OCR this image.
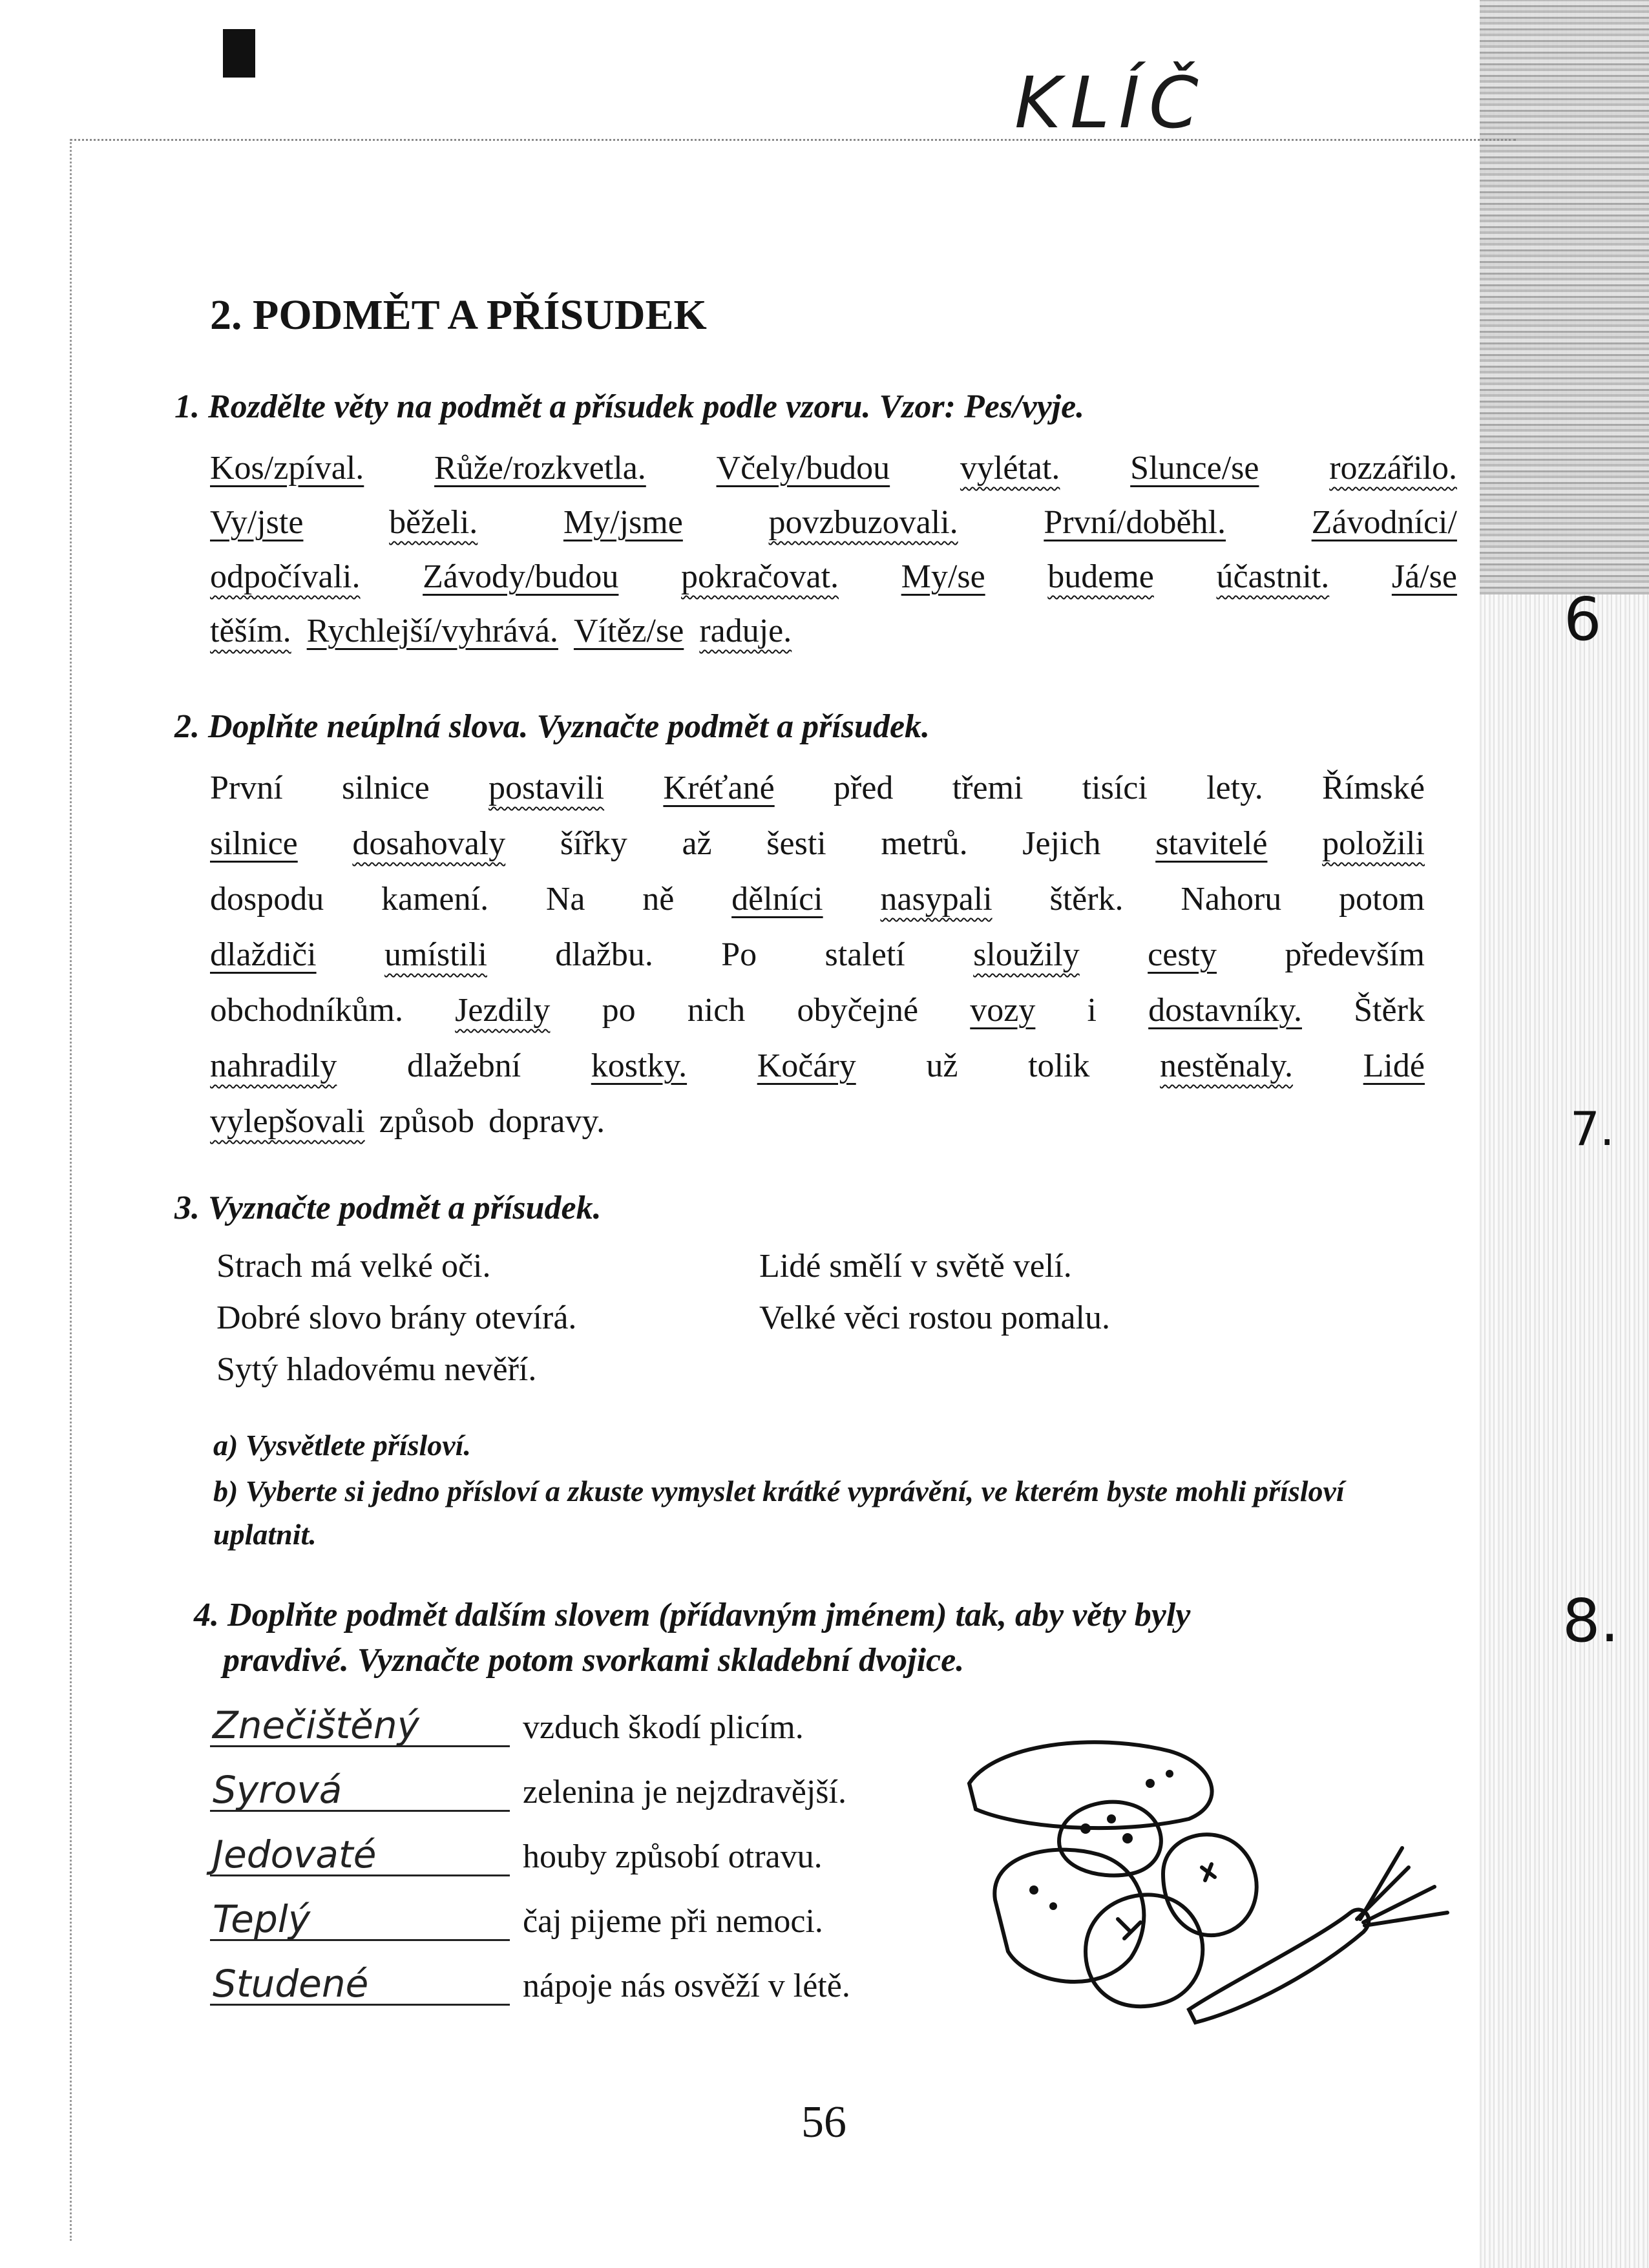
KLÍČ
6
7.
8.
2. PODMĚT A PŘÍSUDEK
1. Rozdělte věty na podmět a přísudek podle vzoru. Vzor: Pes/vyje.
Kos/zpíval. Růže/rozkvetla. Včely/budou vylétat. Slunce/se rozzářilo.
Vy/jste	běželi.	My/jsme	povzbuzovali.	První/doběhl.	Závodníci/
odpočívali. Závody/budou pokračovat. My/se budeme účastnit. Já/se
těším. Rychlejší/vyhrává. Vítěz/se raduje.
2. Doplňte neúplná slova. Vyznačte podmět a přísudek.
První silnice postavili Kréťané před třemi tisíci lety. Římské
silnice dosahovaly šířky až šesti metrů. Jejich stavitelé položili
dospodu kamení. Na ně dělníci nasypali štěrk. Nahoru potom
dlaždiči umístili dlažbu. Po staletí sloužily cesty především
obchodníkům. Jezdily po nich obyčejné vozy i dostavníky. Štěrk
nahradily dlažební kostky. Kočáry už tolik nestěnaly. Lidé
vylepšovali způsob dopravy.
3. Vyznačte podmět a přísudek.
Strach má velké oči.
Dobré slovo brány otevírá.
Sytý hladovému nevěří.
Lidé smělí v světě velí.
Velké věci rostou pomalu.
a) Vysvětlete přísloví.
b) Vyberte si jedno přísloví a zkuste vymyslet krátké vyprávění, ve kterém byste mohli přísloví uplatnit.
4. Doplňte podmět dalším slovem (přídavným jménem) tak, aby věty byly
pravdivé. Vyznačte potom svorkami skladební dvojice.
Znečištěný	vzduch škodí plicím.
Syrová	zelenina je nejzdravější.
Jedovaté	houby způsobí otravu.
Teplý	čaj pijeme při nemoci.
Studené	nápoje nás osvěží v létě.
56
